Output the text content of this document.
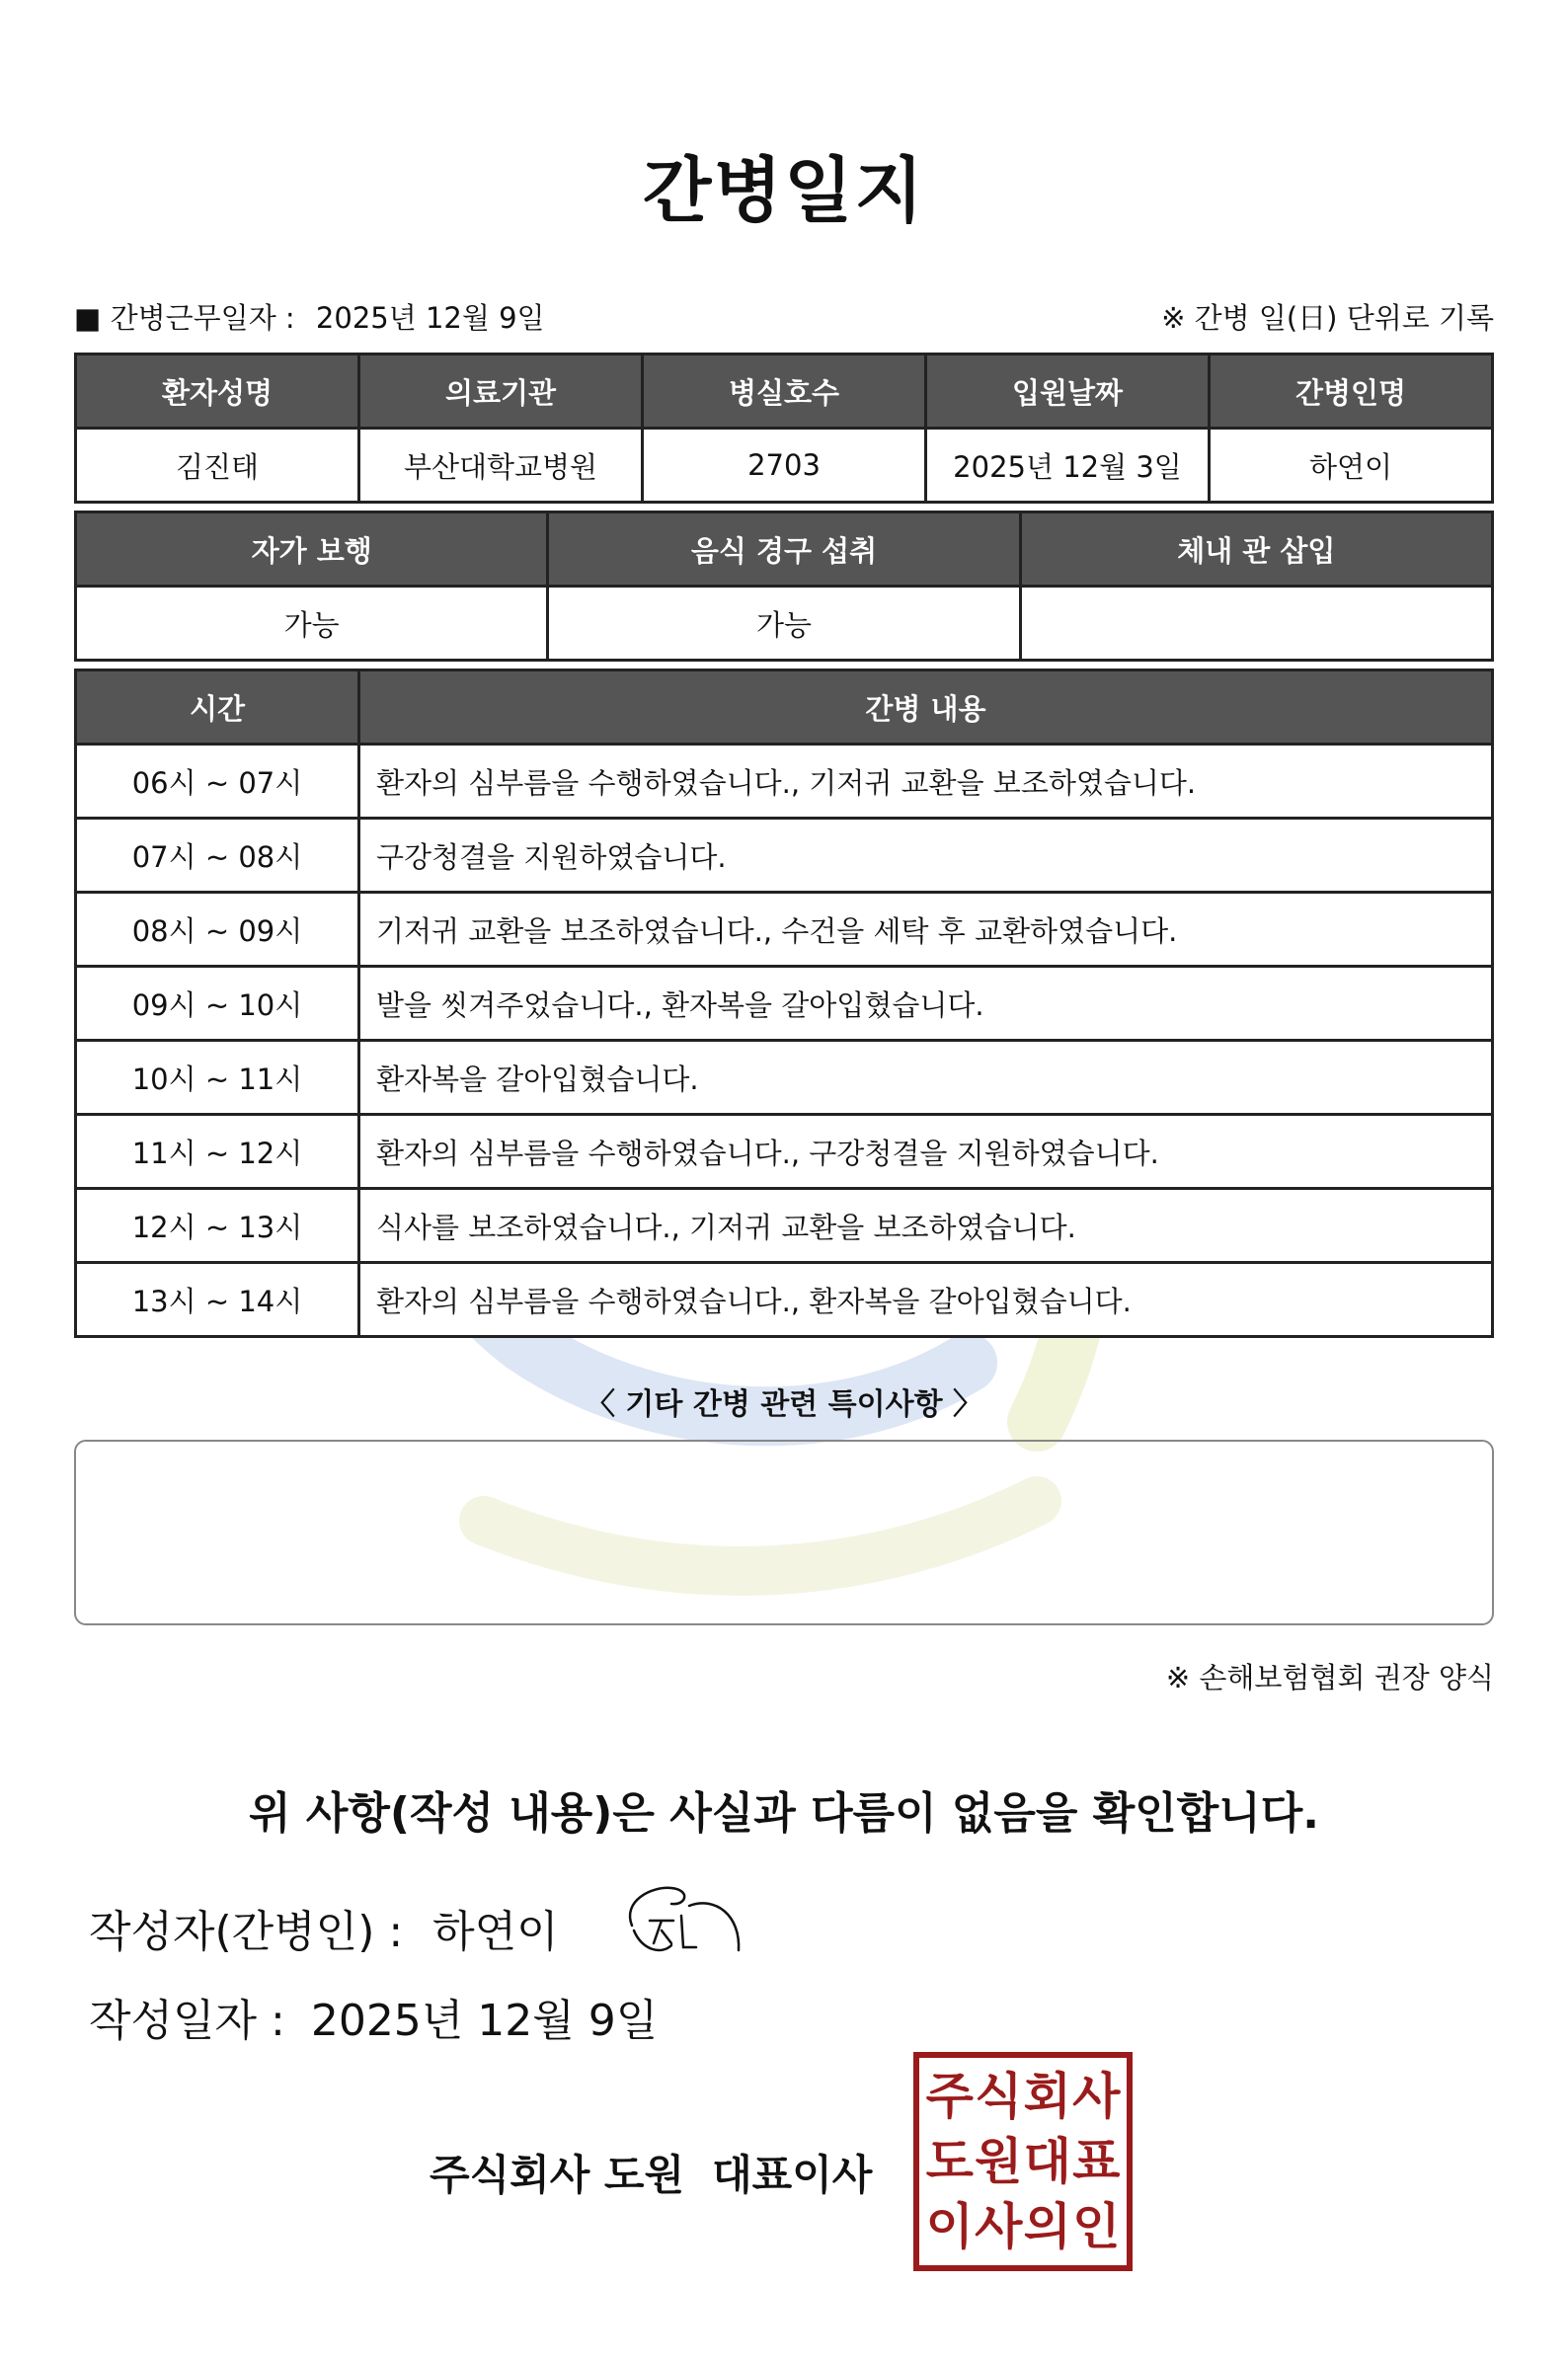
간병일지
■ 간병근무일자 : 2025년 12월 9일	※ 간병 일(日) 단위로 기록
환자성명	의료기관	병실호수	입원날짜	간병인명
김진태	부산대학교병원	2703	2025년 12월 3일	하연이
자가 보행	음식 경구 섭취	체내 관 삽입
가능	가능	
시간	간병 내용
06시 ~ 07시	환자의 심부름을 수행하였습니다., 기저귀 교환을 보조하였습니다.
07시 ~ 08시	구강청결을 지원하였습니다.
08시 ~ 09시	기저귀 교환을 보조하였습니다., 수건을 세탁 후 교환하였습니다.
09시 ~ 10시	발을 씻겨주었습니다., 환자복을 갈아입혔습니다.
10시 ~ 11시	환자복을 갈아입혔습니다.
11시 ~ 12시	환자의 심부름을 수행하였습니다., 구강청결을 지원하였습니다.
12시 ~ 13시	식사를 보조하였습니다., 기저귀 교환을 보조하였습니다.
13시 ~ 14시	환자의 심부름을 수행하였습니다., 환자복을 갈아입혔습니다.
〈 기타 간병 관련 특이사항 〉
※ 손해보험협회 권장 양식
위 사항(작성 내용)은 사실과 다름이 없음을 확인합니다.
작성자(간병인) : 하연이
작성일자 : 2025년 12월 9일
주식회사 도원 대표이사
주 식 회 사
도 원 대 표
이 사 의 인
